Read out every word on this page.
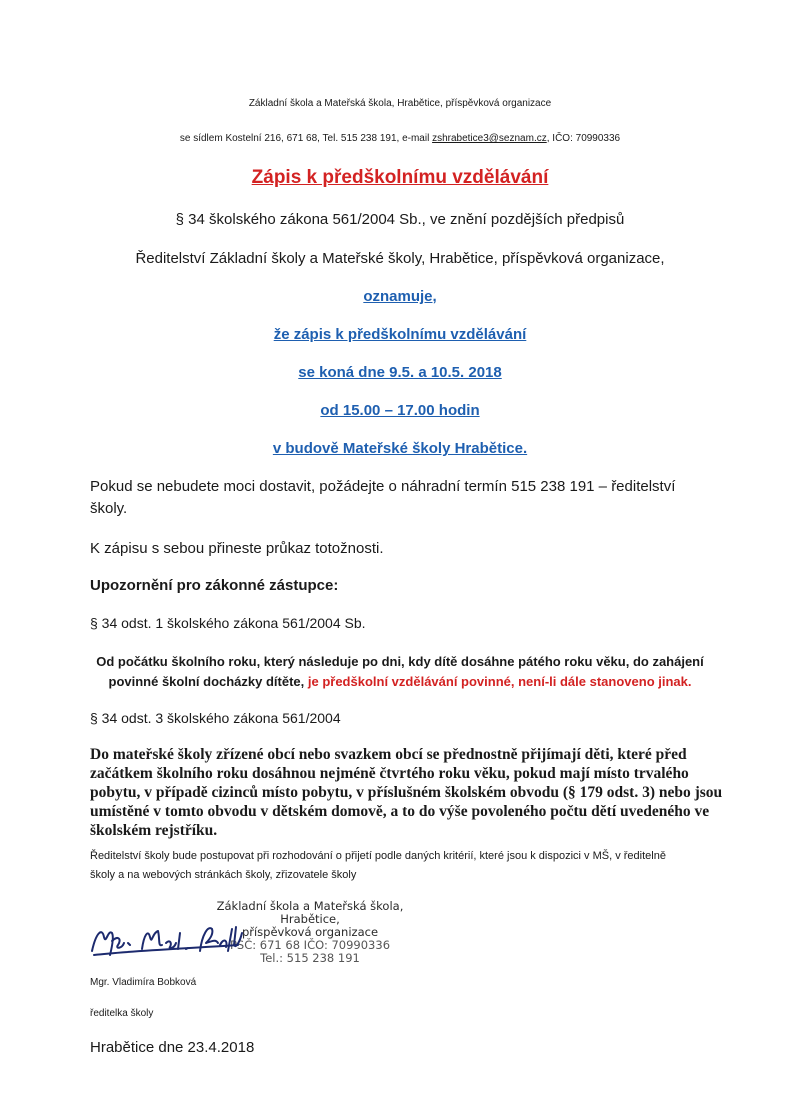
Základní škola a Mateřská škola, Hrabětice, příspěvková organizace
se sídlem Kostelní 216, 671 68, Tel. 515 238 191, e-mail zshrabetice3@seznam.cz, IČO: 70990336
Zápis k předškolnímu vzdělávání
§ 34 školského zákona 561/2004 Sb., ve znění pozdějších předpisů
Ředitelství Základní školy a Mateřské školy, Hrabětice, příspěvková organizace,
oznamuje,
že zápis k předškolnímu vzdělávání
se koná dne 9.5. a 10.5. 2018
od 15.00 – 17.00 hodin
v budově Mateřské školy Hrabětice.
Pokud se nebudete moci dostavit, požádejte o náhradní termín 515 238 191 – ředitelství
školy.
K zápisu s sebou přineste průkaz totožnosti.
Upozornění pro zákonné zástupce:
§ 34 odst. 1 školského zákona 561/2004 Sb.
Od počátku školního roku, který následuje po dni, kdy dítě dosáhne pátého roku věku, do zahájení
povinné školní docházky dítěte, je předškolní vzdělávání povinné, není-li dále stanoveno jinak.
§ 34 odst. 3 školského zákona 561/2004
Do mateřské školy zřízené obcí nebo svazkem obcí se přednostně přijímají děti, které před
začátkem školního roku dosáhnou nejméně čtvrtého roku věku, pokud mají místo trvalého
pobytu, v případě cizinců místo pobytu, v příslušném školském obvodu (§ 179 odst. 3) nebo jsou
umístěné v tomto obvodu v dětském domově, a to do výše povoleného počtu dětí uvedeného ve
školském rejstříku.
Ředitelství školy bude postupovat při rozhodování o přijetí podle daných kritérií, které jsou k dispozici v MŠ, v ředitelně
školy a na webových stránkách školy, zřizovatele školy
Základní škola a Mateřská škola,
Hrabětice,
příspěvková organizace
PSČ: 671 68 IČO: 70990336
Tel.: 515 238 191
Mgr. Vladimíra Bobková
ředitelka školy
Hrabětice dne 23.4.2018
